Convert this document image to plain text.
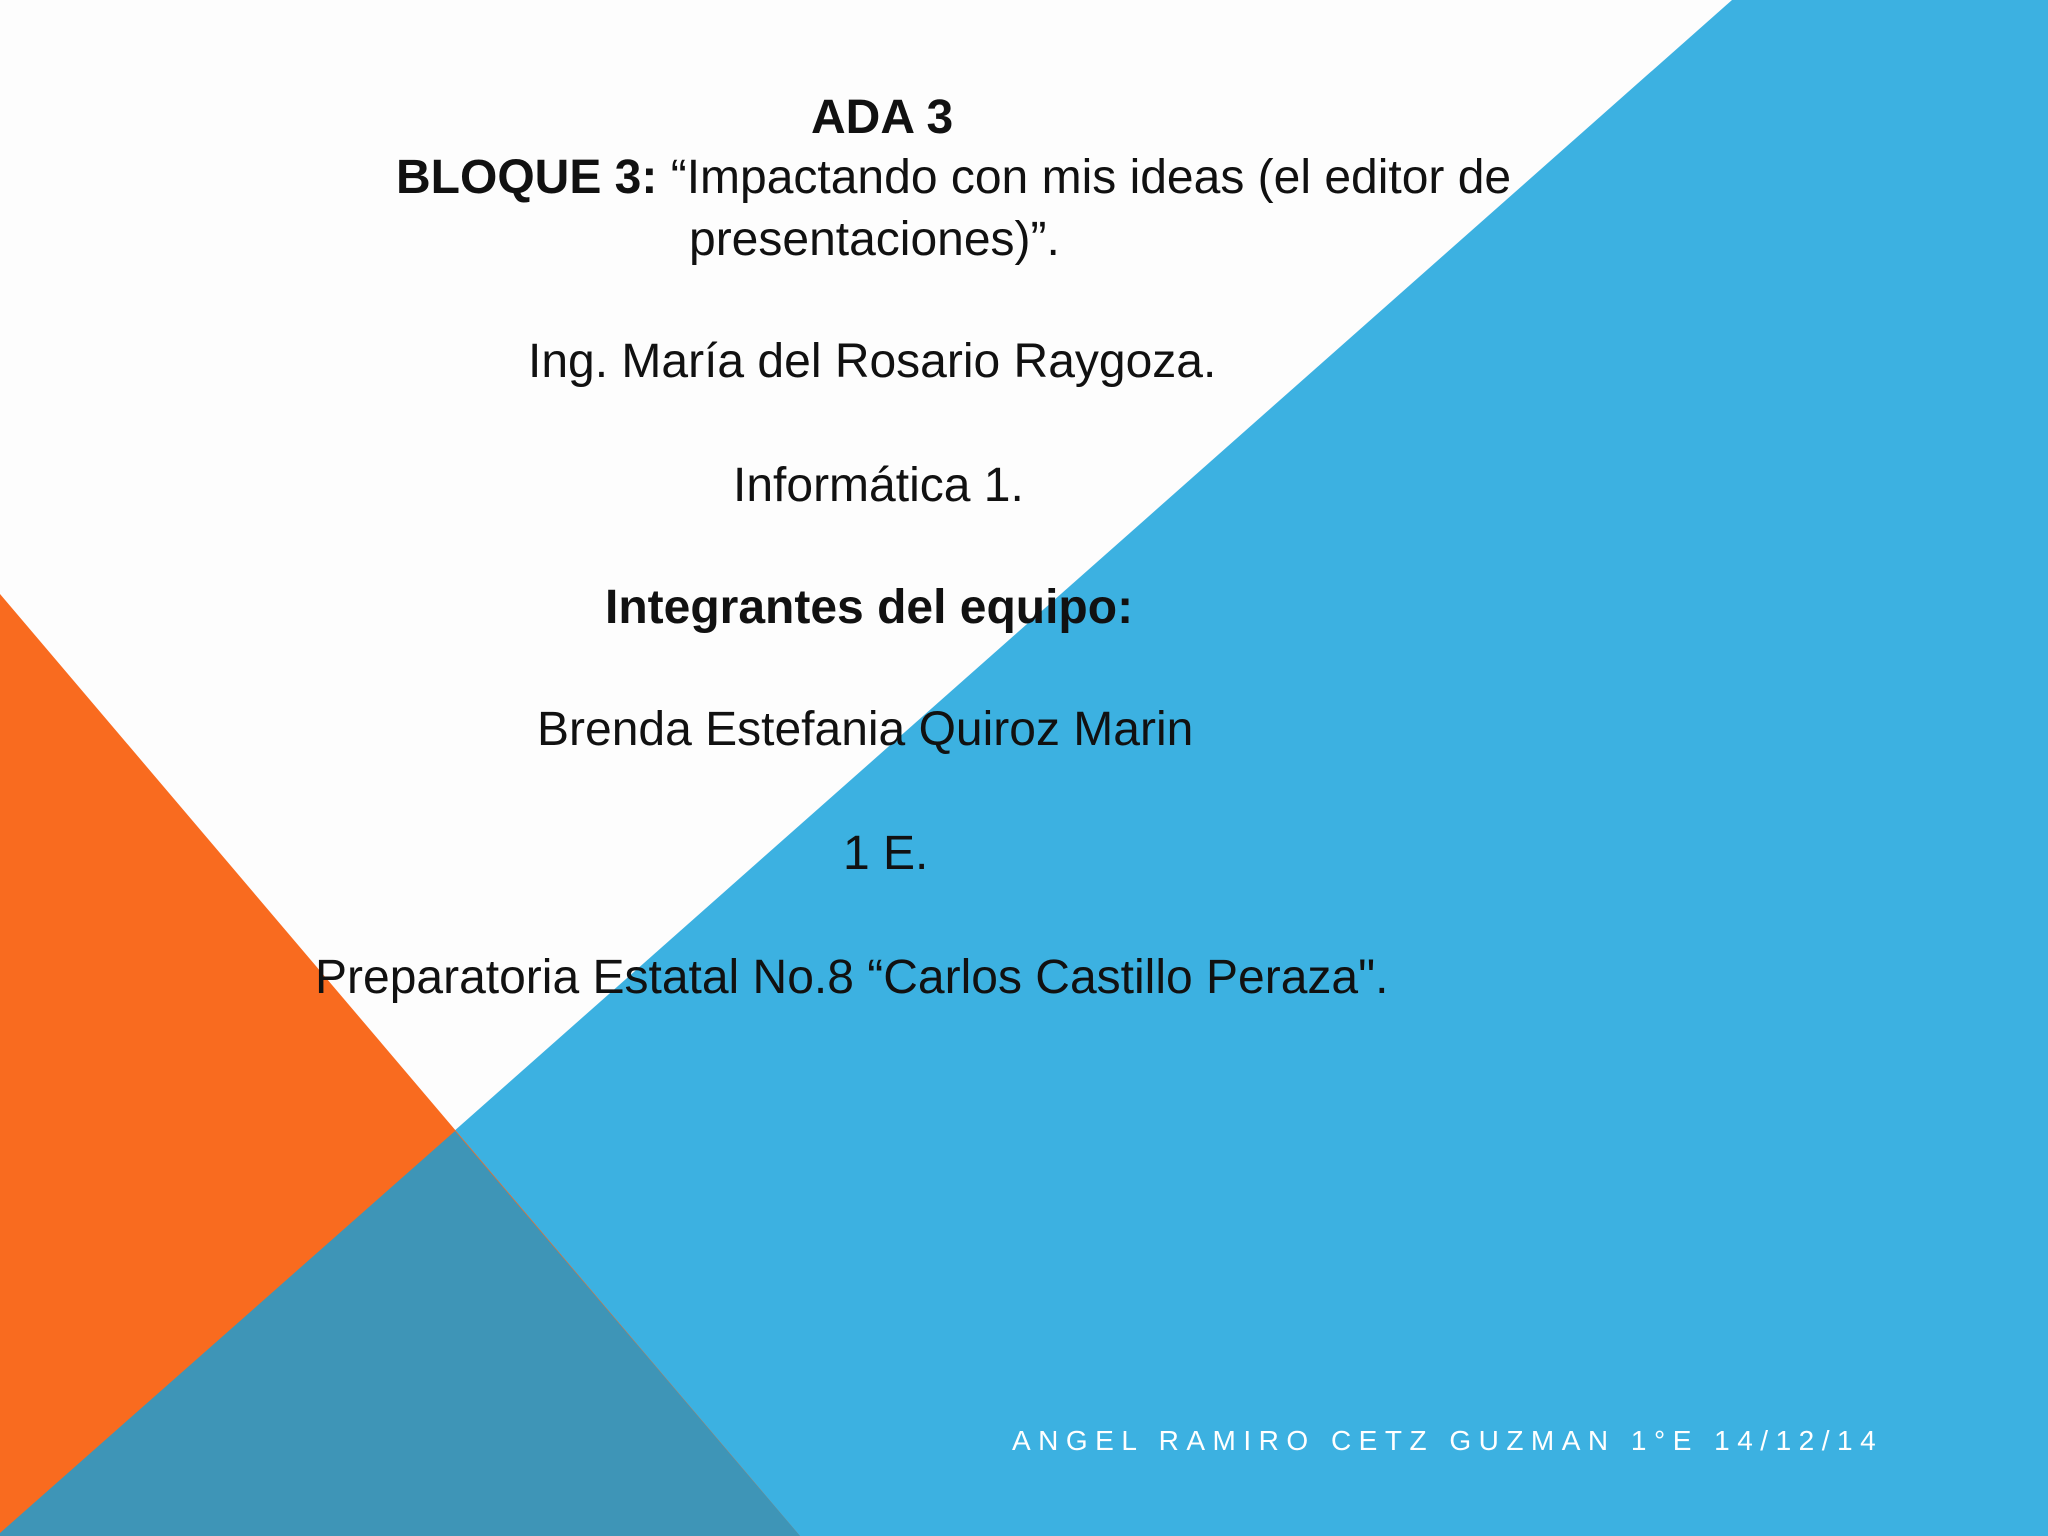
ADA 3
BLOQUE 3: “Impactando con mis ideas (el editor de
presentaciones)”.
Ing. María del Rosario Raygoza.
Informática 1.
Integrantes del equipo:
Brenda Estefania Quiroz Marin
1 E.
Preparatoria Estatal No.8 “Carlos Castillo Peraza".
ANGEL RAMIRO CETZ GUZMAN 1°E 14/12/14
